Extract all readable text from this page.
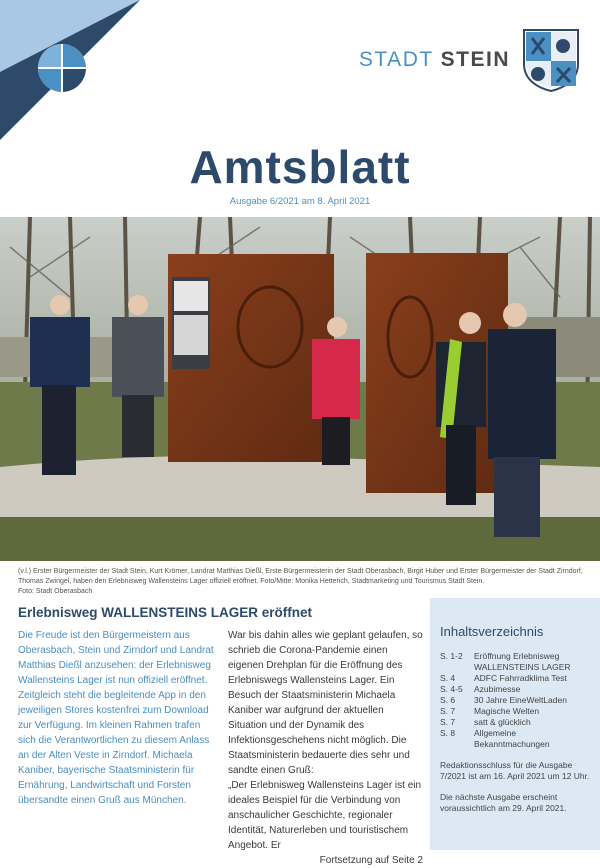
STADT STEIN
Amtsblatt
Ausgabe 6/2021 am 8. April 2021
(v.l.) Erster Bürgermeister der Stadt Stein, Kurt Krömer, Landrat Matthias Dießl, Erste Bürgermeisterin der Stadt Oberasbach, Birgit Huber und Erster Bürgermeister der Stadt Zirndorf, Thomas Zwingel, haben den Erlebnisweg Wallensteins Lager offiziell eröffnet. Foto/Mitte: Monika Hetterich, Stadtmarketing und Tourismus Stadt Stein.
Foto: Stadt Oberasbach
Erlebnisweg WALLENSTEINS LAGER eröffnet
Die Freude ist den Bürgermeistern aus Oberasbach, Stein und Zirndorf und Landrat Matthias Dießl anzusehen: der Erlebnisweg Wallensteins Lager ist nun offiziell eröffnet. Zeitgleich steht die begleitende App in den jeweiligen Stores kostenfrei zum Download zur Verfügung. Im kleinen Rahmen trafen sich die Verantwortlichen zu diesem Anlass an der Alten Veste in Zirndorf. Michaela Kaniber, bayerische Staatsministerin für Ernährung, Landwirtschaft und Forsten übersandte einen Gruß aus München.

War bis dahin alles wie geplant gelaufen, so schrieb die Corona-Pandemie einen eigenen Drehplan für die Eröffnung des Erlebniswegs Wallensteins Lager. Ein Besuch der Staatsministerin Michaela Kaniber war aufgrund der aktuellen Situation und der Dynamik des Infektionsgeschehens nicht möglich. Die Staatsministerin bedauerte dies sehr und sandte einen Gruß:

„Der Erlebnisweg Wallensteins Lager ist ein ideales Beispiel für die Verbindung von anschaulicher Geschichte, regionaler Identität, Naturerleben und touristischem Angebot. Er

Fortsetzung auf Seite 2

Inhaltsverzeichnis
S. 1-2	Eröffnung Erlebnisweg WALLENSTEINS LAGER
S. 4	ADFC Fahrradklima Test
S. 4-5	Azubimesse
S. 6	30 Jahre EineWeltLaden
S. 7	Magische Welten
S. 7	satt & glücklich
S. 8	Allgemeine Bekanntmachungen
Redaktionsschluss für die Ausgabe 7/2021 ist am 16. April 2021 um 12 Uhr.
Die nächste Ausgabe erscheint voraussichtlich am 29. April 2021.
